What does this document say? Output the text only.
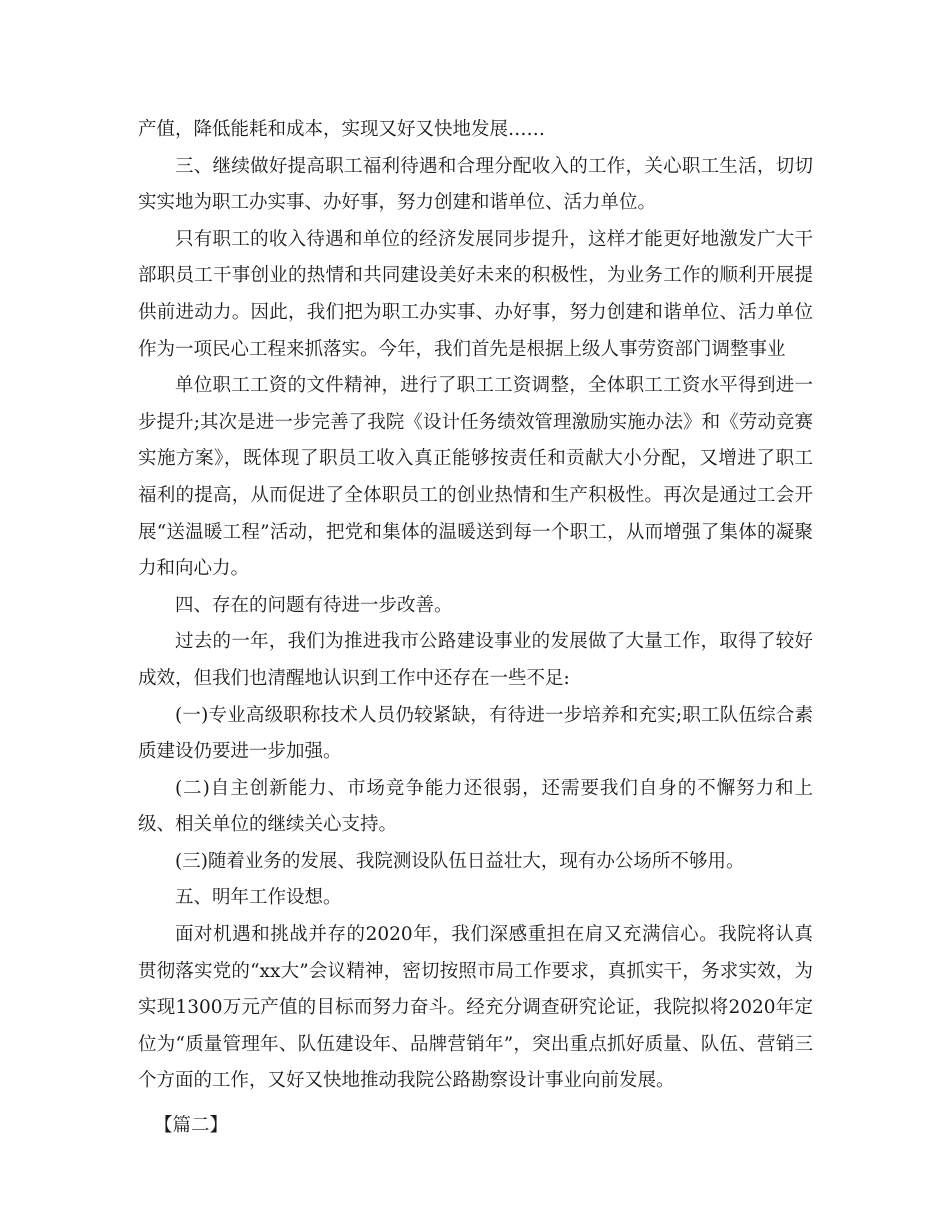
产值，降低能耗和成本，实现又好又快地发展……

三、继续做好提高职工福利待遇和合理分配收入的工作，关心职工生活，切切实实地为职工办实事、办好事，努力创建和谐单位、活力单位。

只有职工的收入待遇和单位的经济发展同步提升，这样才能更好地激发广大干部职员工干事创业的热情和共同建设美好未来的积极性，为业务工作的顺利开展提供前进动力。因此，我们把为职工办实事、办好事，努力创建和谐单位、活力单位作为一项民心工程来抓落实。今年，我们首先是根据上级人事劳资部门调整事业

单位职工工资的文件精神，进行了职工工资调整，全体职工工资水平得到进一步提升;其次是进一步完善了我院《设计任务绩效管理激励实施办法》和《劳动竞赛实施方案》，既体现了职员工收入真正能够按责任和贡献大小分配，又增进了职工福利的提高，从而促进了全体职员工的创业热情和生产积极性。再次是通过工会开展“送温暖工程”活动，把党和集体的温暖送到每一个职工，从而增强了集体的凝聚力和向心力。

四、存在的问题有待进一步改善。

过去的一年，我们为推进我市公路建设事业的发展做了大量工作，取得了较好成效，但我们也清醒地认识到工作中还存在一些不足:

(一)专业高级职称技术人员仍较紧缺，有待进一步培养和充实;职工队伍综合素质建设仍要进一步加强。

(二)自主创新能力、市场竞争能力还很弱，还需要我们自身的不懈努力和上级、相关单位的继续关心支持。

(三)随着业务的发展、我院测设队伍日益壮大，现有办公场所不够用。

五、明年工作设想。

面对机遇和挑战并存的2020年，我们深感重担在肩又充满信心。我院将认真贯彻落实党的“xx大”会议精神，密切按照市局工作要求，真抓实干，务求实效，为实现1300万元产值的目标而努力奋斗。经充分调查研究论证，我院拟将2020年定位为“质量管理年、队伍建设年、品牌营销年”，突出重点抓好质量、队伍、营销三个方面的工作，又好又快地推动我院公路勘察设计事业向前发展。

【篇二】
